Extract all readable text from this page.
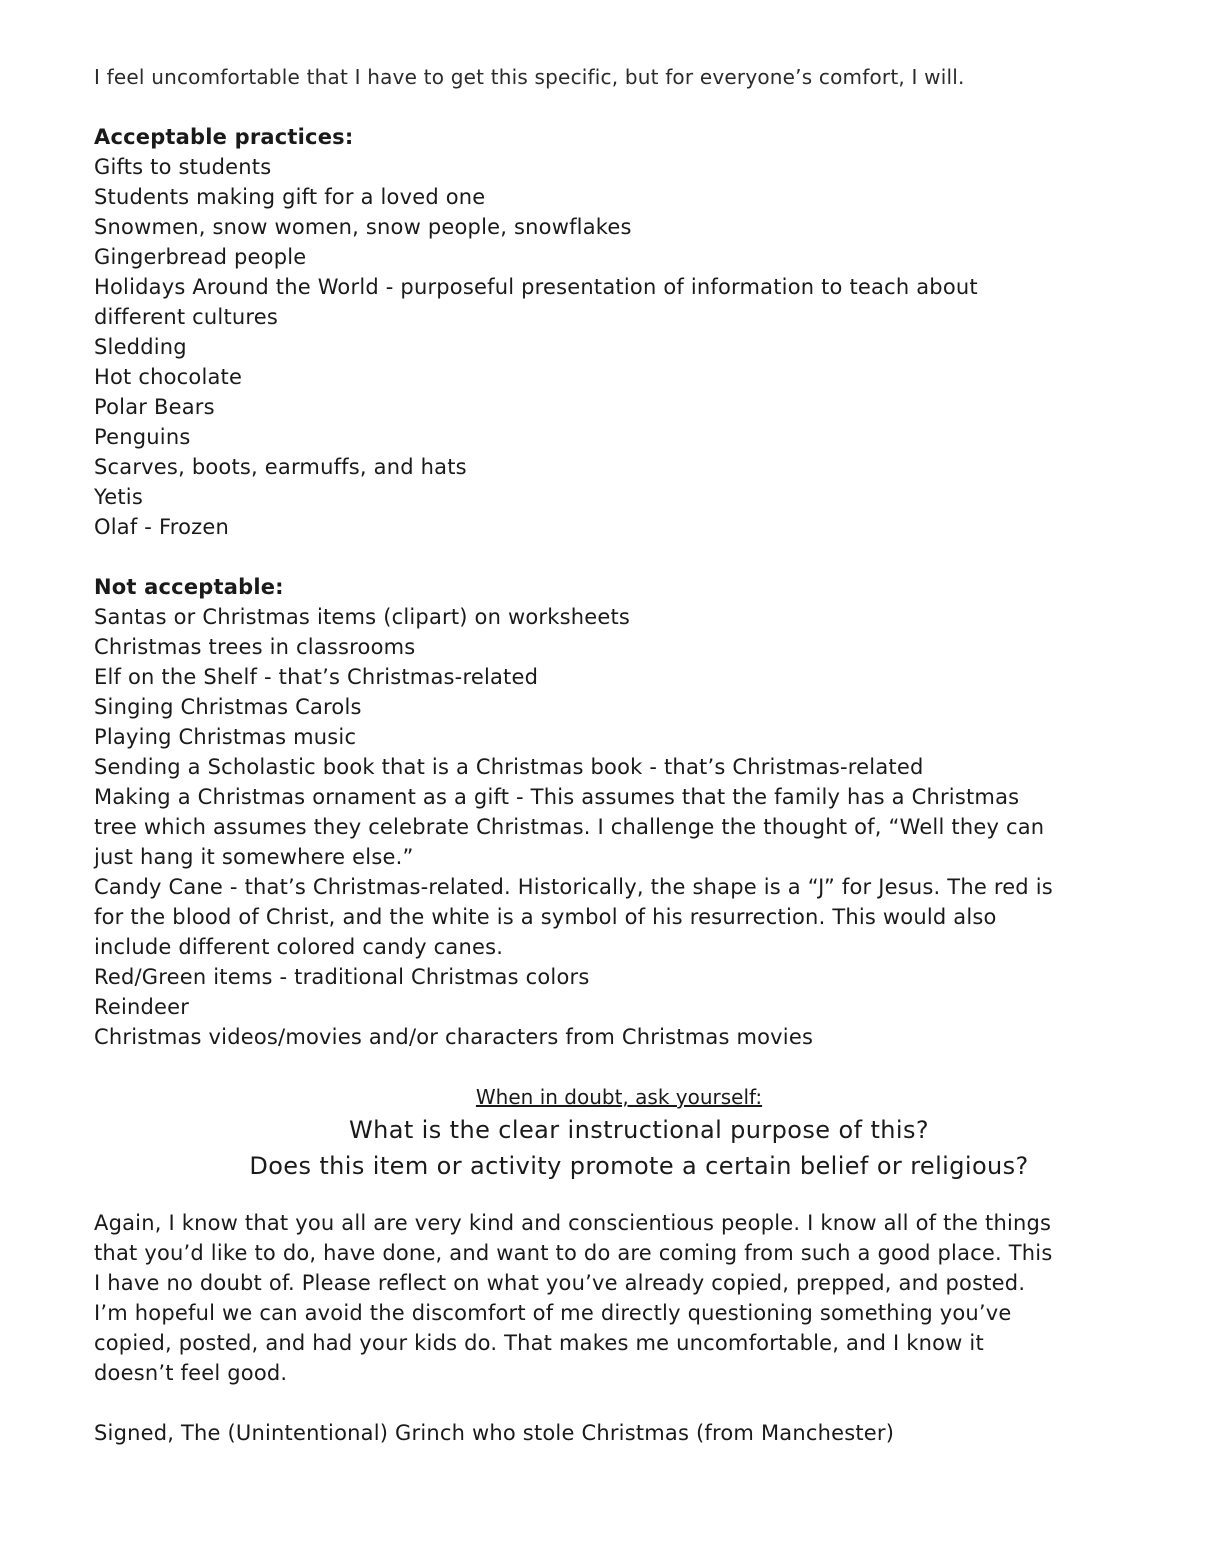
I feel uncomfortable that I have to get this specific, but for everyone’s comfort, I will.
Acceptable practices:
Gifts to students
Students making gift for a loved one
Snowmen, snow women, snow people, snowflakes
Gingerbread people
Holidays Around the World - purposeful presentation of information to teach about
different cultures
Sledding
Hot chocolate
Polar Bears
Penguins
Scarves, boots, earmuffs, and hats
Yetis
Olaf - Frozen
Not acceptable:
Santas or Christmas items (clipart) on worksheets
Christmas trees in classrooms
Elf on the Shelf - that’s Christmas-related
Singing Christmas Carols
Playing Christmas music
Sending a Scholastic book that is a Christmas book - that’s Christmas-related
Making a Christmas ornament as a gift - This assumes that the family has a Christmas
tree which assumes they celebrate Christmas. I challenge the thought of, “Well they can
just hang it somewhere else.”
Candy Cane - that’s Christmas-related. Historically, the shape is a “J” for Jesus. The red is
for the blood of Christ, and the white is a symbol of his resurrection. This would also
include different colored candy canes.
Red/Green items - traditional Christmas colors
Reindeer
Christmas videos/movies and/or characters from Christmas movies
When in doubt, ask yourself:
What is the clear instructional purpose of this?
Does this item or activity promote a certain belief or religious?
Again, I know that you all are very kind and conscientious people. I know all of the things
that you’d like to do, have done, and want to do are coming from such a good place. This
I have no doubt of. Please reflect on what you’ve already copied, prepped, and posted.
I’m hopeful we can avoid the discomfort of me directly questioning something you’ve
copied, posted, and had your kids do. That makes me uncomfortable, and I know it
doesn’t feel good.
Signed, The (Unintentional) Grinch who stole Christmas (from Manchester)
